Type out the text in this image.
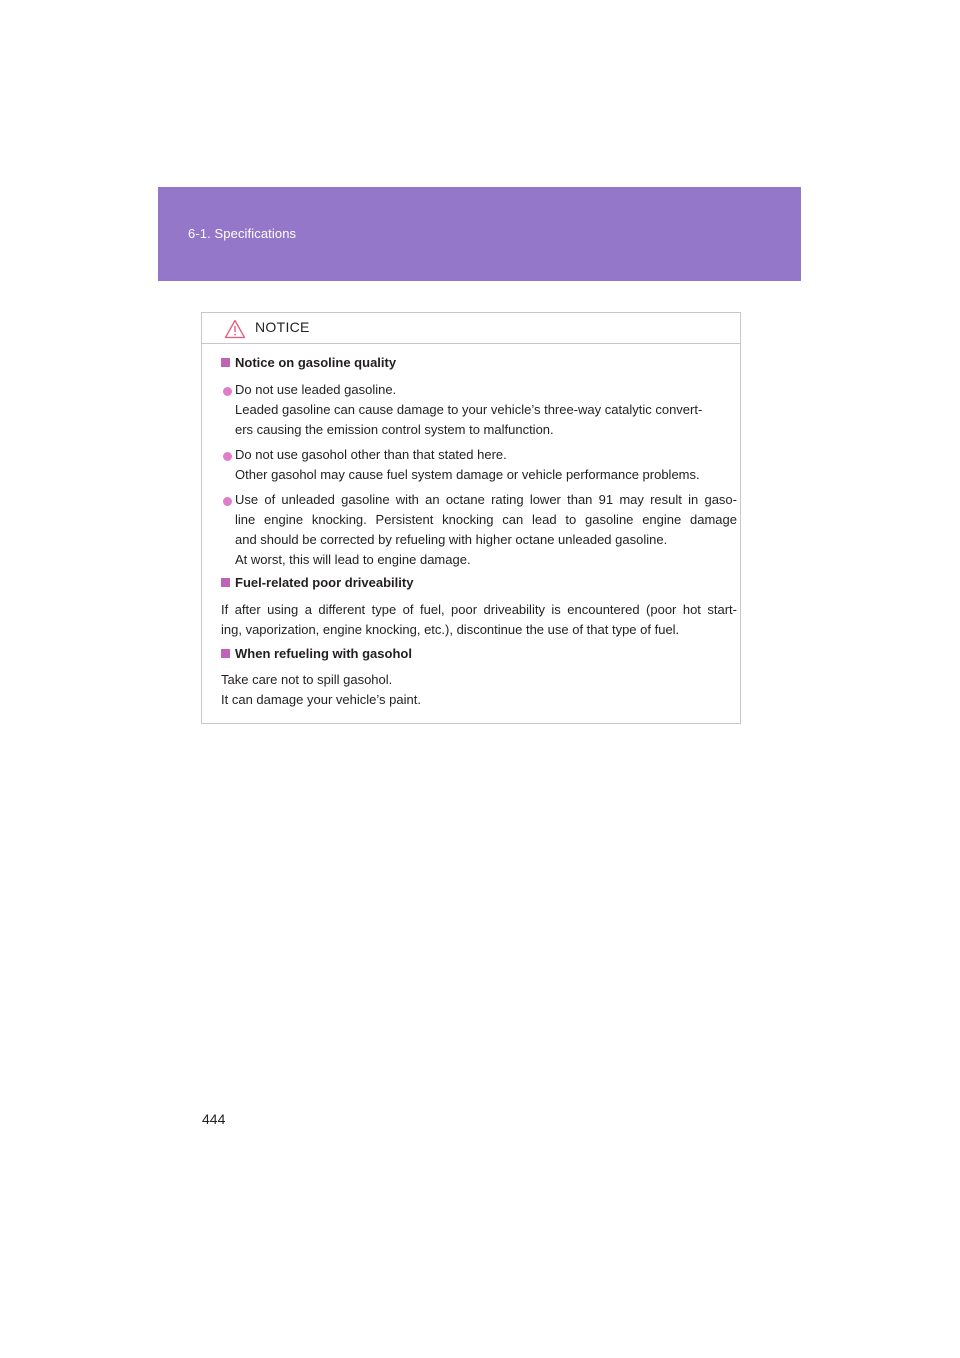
6-1. Specifications
NOTICE
Notice on gasoline quality
Do not use leaded gasoline.
Leaded gasoline can cause damage to your vehicle’s three-way catalytic convert-
ers causing the emission control system to malfunction.
Do not use gasohol other than that stated here.
Other gasohol may cause fuel system damage or vehicle performance problems.
Use of unleaded gasoline with an octane rating lower than 91 may result in gaso-
line engine knocking. Persistent knocking can lead to gasoline engine damage
and should be corrected by refueling with higher octane unleaded gasoline.
At worst, this will lead to engine damage.
Fuel-related poor driveability
If after using a different type of fuel, poor driveability is encountered (poor hot start-
ing, vaporization, engine knocking, etc.), discontinue the use of that type of fuel.
When refueling with gasohol
Take care not to spill gasohol.
It can damage your vehicle’s paint.
444
